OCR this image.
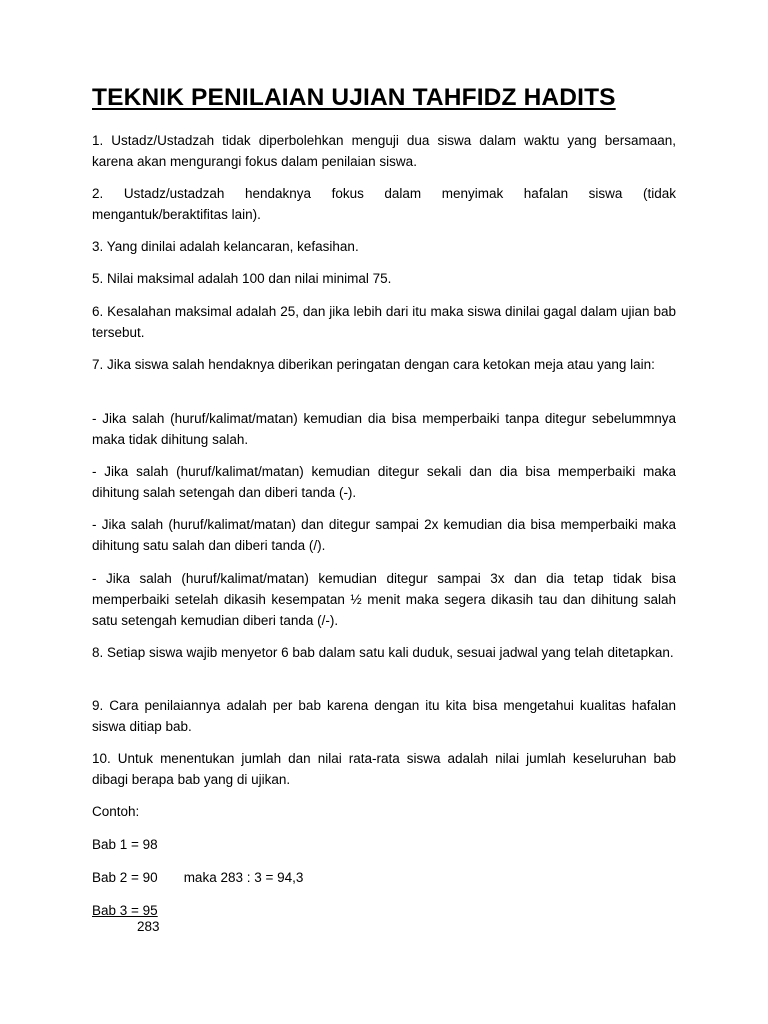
TEKNIK PENILAIAN UJIAN TAHFIDZ HADITS

1. Ustadz/Ustadzah tidak diperbolehkan menguji dua siswa dalam waktu yang bersamaan, karena akan mengurangi fokus dalam penilaian siswa.

2. Ustadz/ustadzah hendaknya fokus dalam menyimak hafalan siswa (tidak mengantuk/beraktifitas lain).

3. Yang dinilai adalah kelancaran, kefasihan.

5. Nilai maksimal adalah 100 dan nilai minimal 75.

6. Kesalahan maksimal adalah 25, dan jika lebih dari itu maka siswa dinilai gagal dalam ujian bab tersebut.

7. Jika siswa salah hendaknya diberikan peringatan dengan cara ketokan meja atau yang lain:

- Jika salah (huruf/kalimat/matan) kemudian dia bisa memperbaiki tanpa ditegur sebelummnya maka tidak dihitung salah.

- Jika salah (huruf/kalimat/matan) kemudian ditegur sekali dan dia bisa memperbaiki maka dihitung salah setengah dan diberi tanda (-).

- Jika salah (huruf/kalimat/matan) dan ditegur sampai 2x kemudian dia bisa memperbaiki maka dihitung satu salah dan diberi tanda (/).

- Jika salah (huruf/kalimat/matan) kemudian ditegur sampai 3x dan dia tetap tidak bisa memperbaiki setelah dikasih kesempatan ½ menit maka segera dikasih tau dan dihitung salah satu setengah kemudian diberi tanda (/-).

8. Setiap siswa wajib menyetor 6 bab dalam satu kali duduk, sesuai jadwal yang telah ditetapkan.

9. Cara penilaiannya adalah per bab karena dengan itu kita bisa mengetahui kualitas hafalan siswa ditiap bab.

10. Untuk menentukan jumlah dan nilai rata-rata siswa adalah nilai jumlah keseluruhan bab dibagi berapa bab yang di ujikan.

Contoh:

Bab 1 = 98

Bab 2 = 90 maka 283 : 3 = 94,3

Bab 3 = 95

283
